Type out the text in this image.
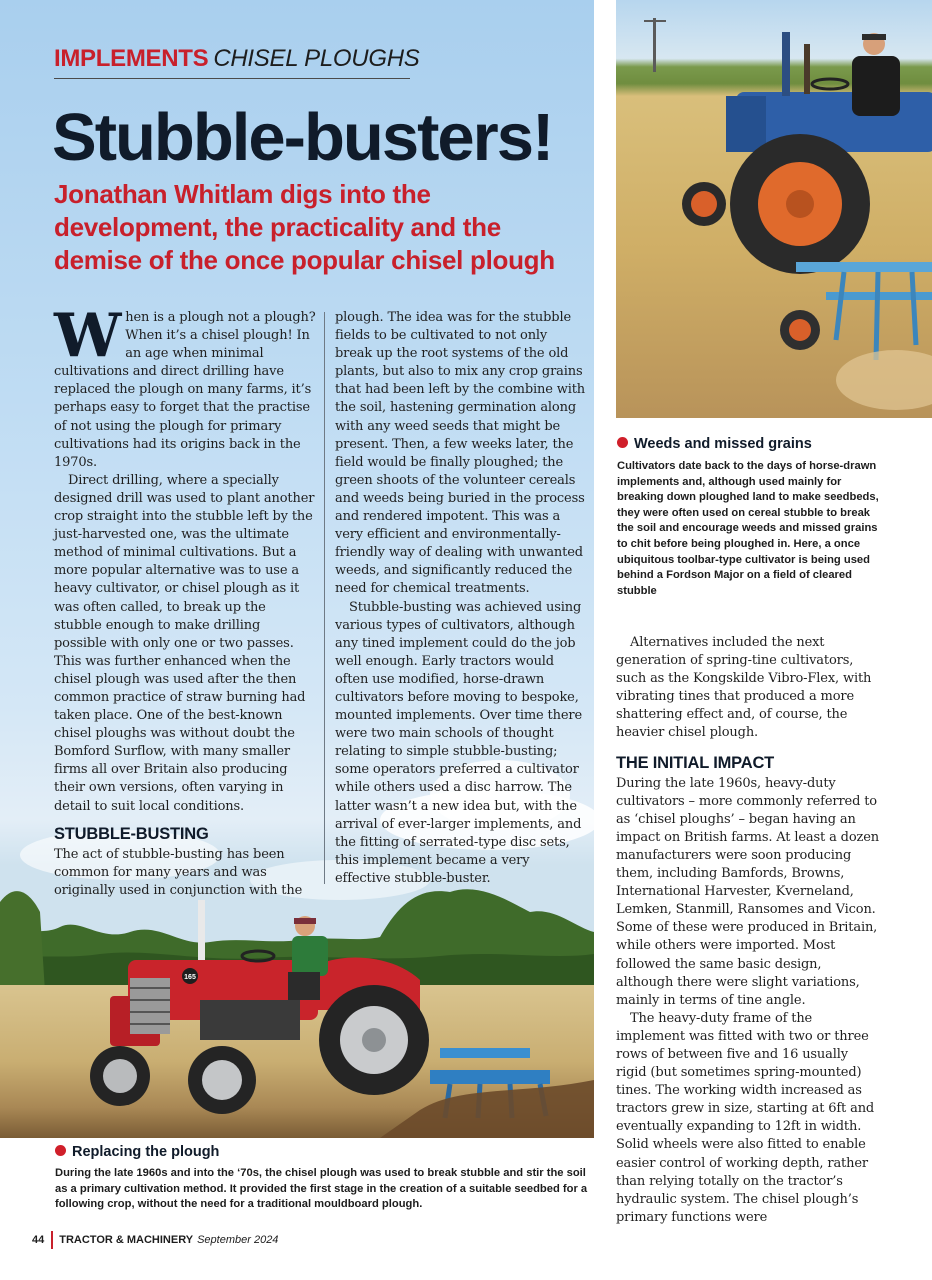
165
IMPLEMENTS CHISEL PLOUGHS
Stubble-busters!
Jonathan Whitlam digs into the development, the practicality and the demise of the once popular chisel plough

When is a plough not a plough? When it’s a chisel plough! In an age when minimal cultivations and direct drilling have replaced the plough on many farms, it’s perhaps easy to forget that the practise of not using the plough for primary cultivations had its origins back in the 1970s.

Direct drilling, where a specially designed drill was used to plant another crop straight into the stubble left by the just-harvested one, was the ultimate method of minimal cultivations. But a more popular alternative was to use a heavy cultivator, or chisel plough as it was often called, to break up the stubble enough to make drilling possible with only one or two passes. This was further enhanced when the chisel plough was used after the then common practice of straw burning had taken place. One of the best-known chisel ploughs was without doubt the Bomford Surflow, with many smaller firms all over Britain also producing their own versions, often varying in detail to suit local conditions.

STUBBLE-BUSTING

The act of stubble-busting has been common for many years and was originally used in conjunction with the

plough. The idea was for the stubble fields to be cultivated to not only break up the root systems of the old plants, but also to mix any crop grains that had been left by the combine with the soil, hastening germination along with any weed seeds that might be present. Then, a few weeks later, the field would be finally ploughed; the green shoots of the volunteer cereals and weeds being buried in the process and rendered impotent. This was a very efficient and environmentally-friendly way of dealing with unwanted weeds, and significantly reduced the need for chemical treatments.

Stubble-busting was achieved using various types of cultivators, although any tined implement could do the job well enough. Early tractors would often use modified, horse-drawn cultivators before moving to bespoke, mounted implements. Over time there were two main schools of thought relating to simple stubble-busting; some operators preferred a cultivator while others used a disc harrow. The latter wasn’t a new idea but, with the arrival of ever-larger implements, and the fitting of serrated-type disc sets, this implement became a very effective stubble-buster.

Alternatives included the next generation of spring-tine cultivators, such as the Kongskilde Vibro-Flex, with vibrating tines that produced a more shattering effect and, of course, the heavier chisel plough.

THE INITIAL IMPACT

During the late 1960s, heavy-duty cultivators – more commonly referred to as ‘chisel ploughs’ – began having an impact on British farms. At least a dozen manufacturers were soon producing them, including Bamfords, Browns, International Harvester, Kverneland, Lemken, Stanmill, Ransomes and Vicon. Some of these were produced in Britain, while others were imported. Most followed the same basic design, although there were slight variations, mainly in terms of tine angle.

The heavy-duty frame of the implement was fitted with two or three rows of between five and 16 usually rigid (but sometimes spring-mounted) tines. The working width increased as tractors grew in size, starting at 6ft and eventually expanding to 12ft in width. Solid wheels were also fitted to enable easier control of working depth, rather than relying totally on the tractor’s hydraulic system. The chisel plough’s primary functions were

Weeds and missed grains
Cultivators date back to the days of horse-drawn implements and, although used mainly for breaking down ploughed land to make seedbeds, they were often used on cereal stubble to break the soil and encourage weeds and missed grains to chit before being ploughed in. Here, a once ubiquitous toolbar-type cultivator is being used behind a Fordson Major on a field of cleared stubble
Replacing the plough
During the late 1960s and into the ‘70s, the chisel plough was used to break stubble and stir the soil as a primary cultivation method. It provided the first stage in the creation of a suitable seedbed for a following crop, without the need for a traditional mouldboard plough.
44 TRACTOR & MACHINERY September 2024
